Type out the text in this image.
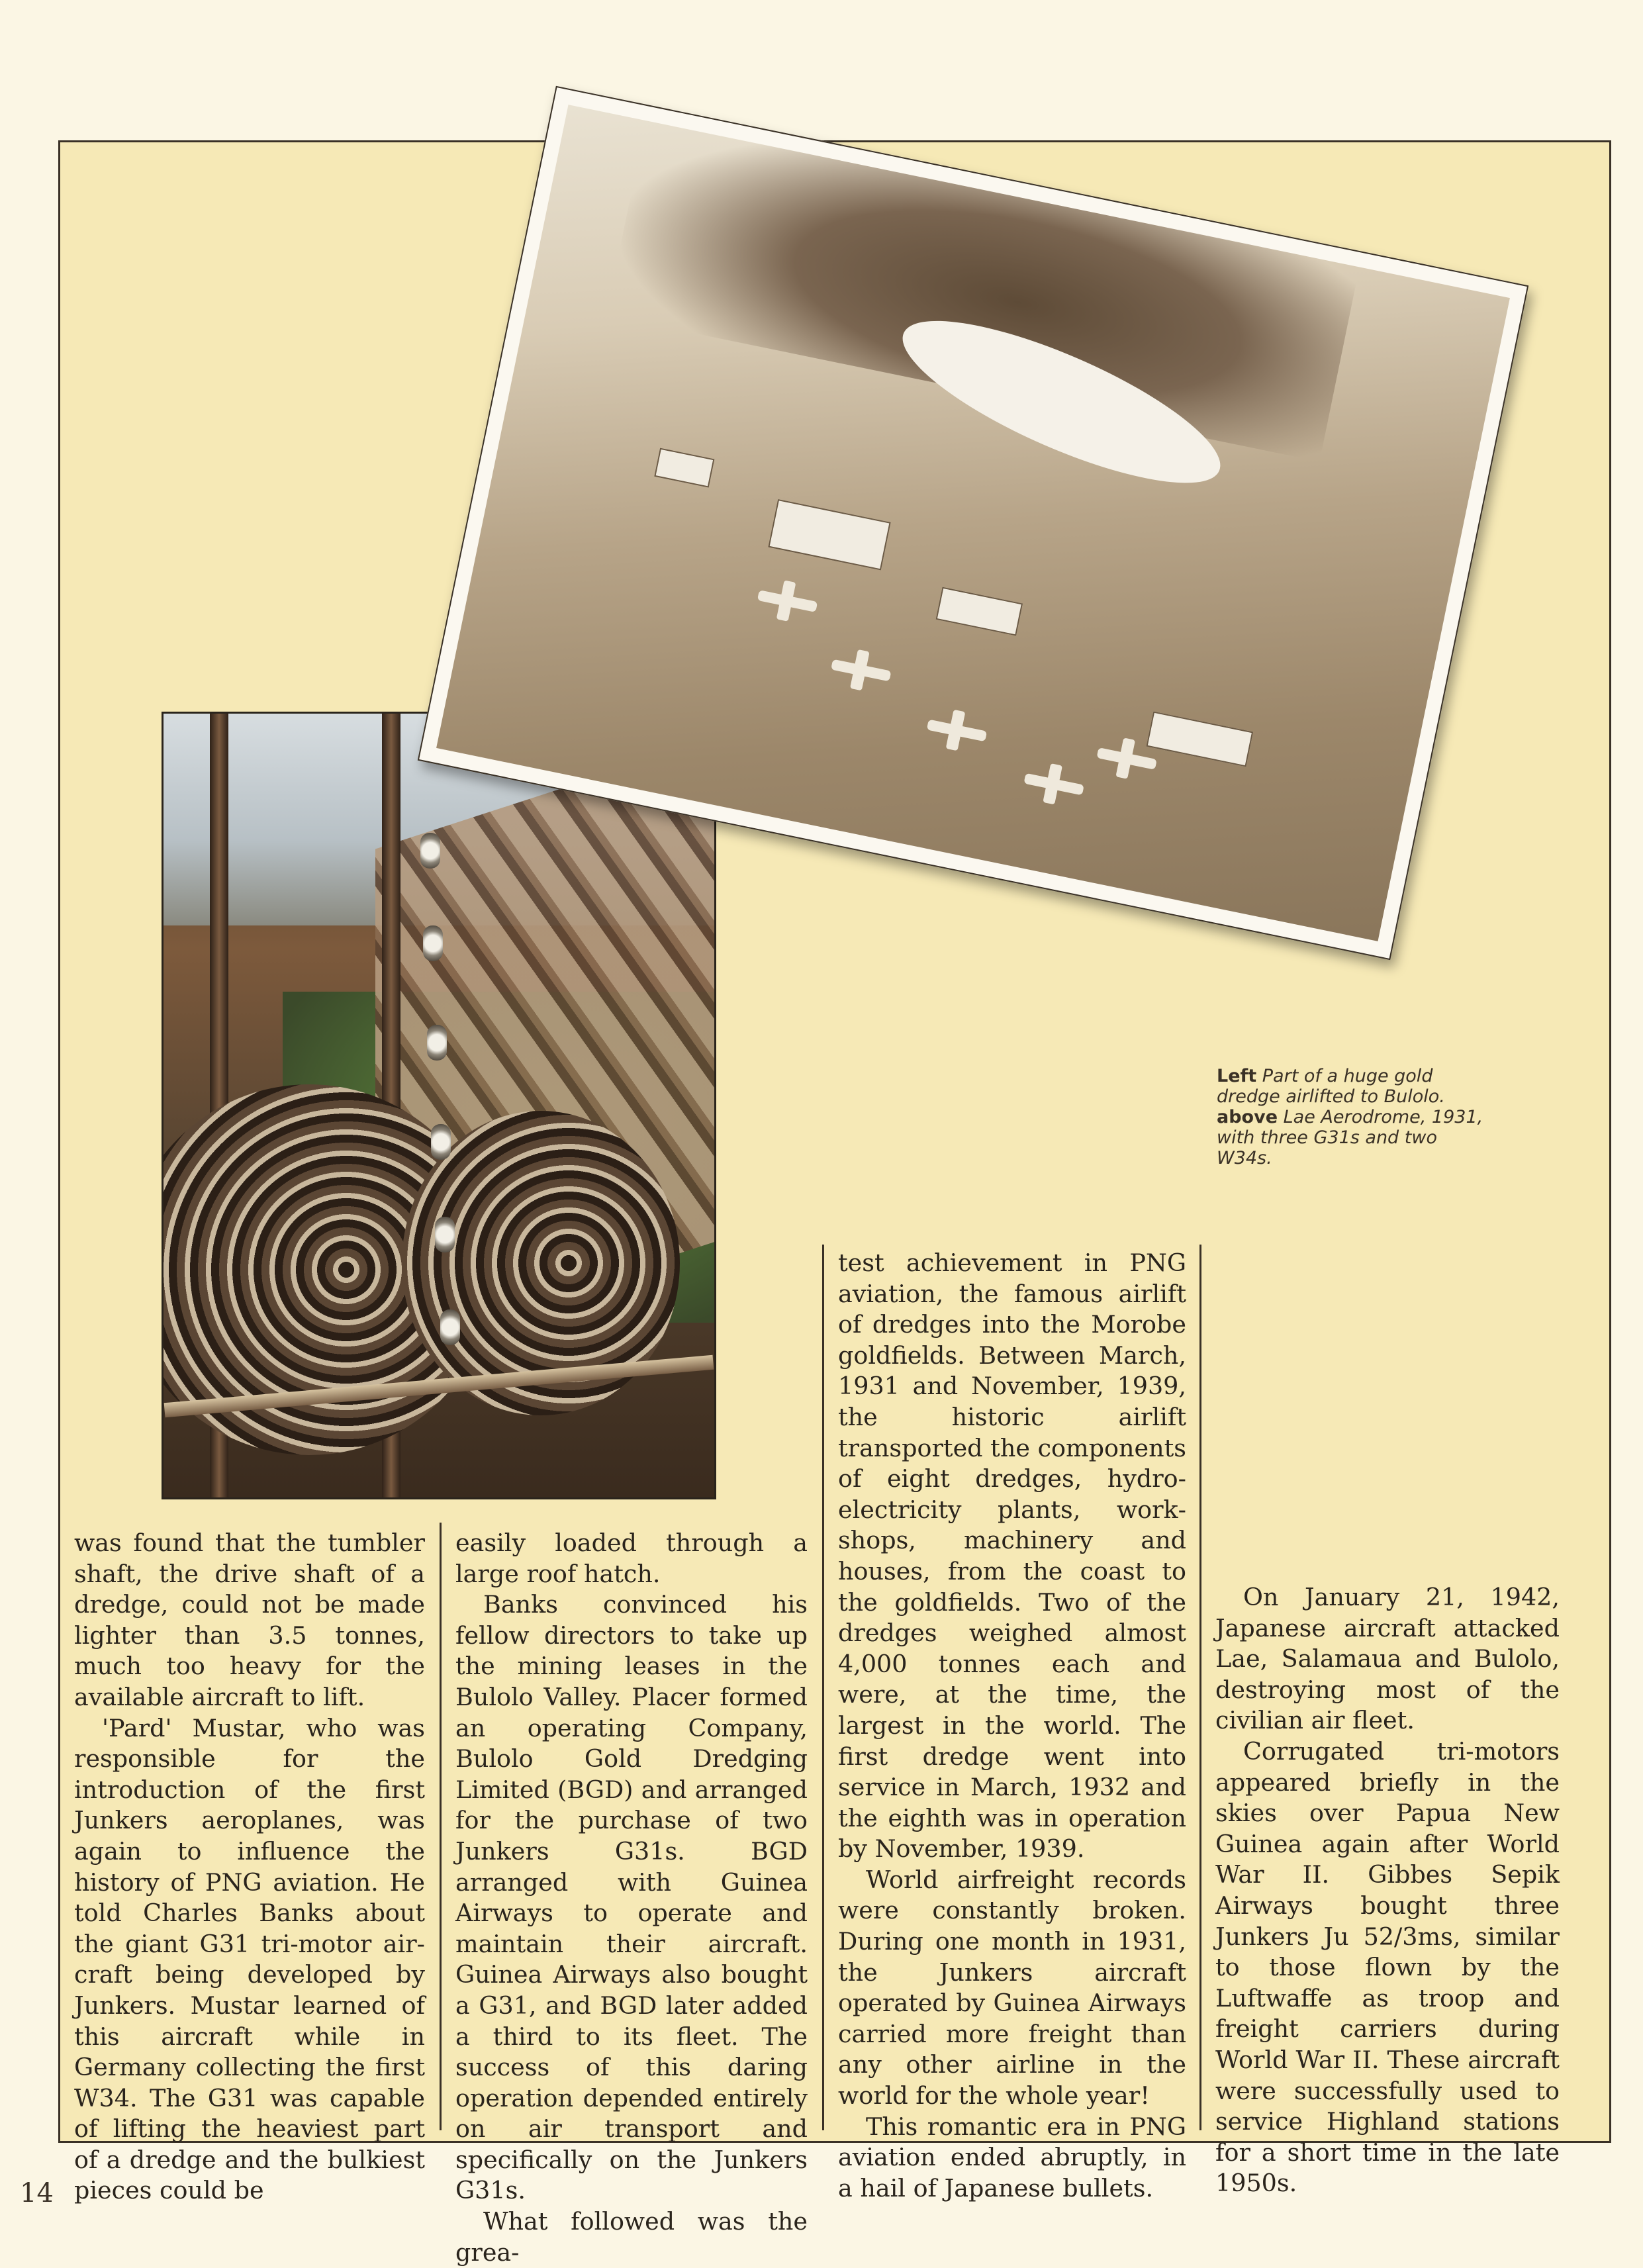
Left Part of a huge gold dredge airlifted to Bulolo.
above Lae Aerodrome, 1931, with three G31s and two W34s.

was found that the tumbler shaft, the drive shaft of a dredge, could not be made lighter than 3.5 tonnes, much too heavy for the available aircraft to lift.

'Pard' Mustar, who was responsible for the introduction of the first Junkers aeroplanes, was again to influence the history of PNG aviation. He told Charles Banks about the giant G31 tri-motor aircraft being developed by Junkers. Mustar learned of this aircraft while in Germany collecting the first W34. The G31 was capable of lifting the heaviest part of a dredge and the bulkiest pieces could be

easily loaded through a large roof hatch.

Banks convinced his fellow directors to take up the mining leases in the Bulolo Valley. Placer formed an operating Company, Bulolo Gold Dredging Limited (BGD) and arranged for the purchase of two Junkers G31s. BGD arranged with Guinea Airways to operate and maintain their aircraft. Guinea Airways also bought a G31, and BGD later added a third to its fleet. The success of this daring operation depended entirely on air transport and specifically on the Junkers G31s.

What followed was the grea-

test achievement in PNG aviation, the famous airlift of dredges into the Morobe goldfields. Between March, 1931 and November, 1939, the historic airlift transported the components of eight dredges, hydro-electricity plants, workshops, machinery and houses, from the coast to the goldfields. Two of the dredges weighed almost 4,000 tonnes each and were, at the time, the largest in the world. The first dredge went into service in March, 1932 and the eighth was in operation by November, 1939.

World airfreight records were constantly broken. During one month in 1931, the Junkers aircraft operated by Guinea Airways carried more freight than any other airline in the world for the whole year!

This romantic era in PNG aviation ended abruptly, in a hail of Japanese bullets.

On January 21, 1942, Japanese aircraft attacked Lae, Salamaua and Bulolo, destroying most of the civilian air fleet.

Corrugated tri-motors appeared briefly in the skies over Papua New Guinea again after World War II. Gibbes Sepik Airways bought three Junkers Ju 52/3ms, similar to those flown by the Luftwaffe as troop and freight carriers during World War II. These aircraft were successfully used to service Highland stations for a short time in the late 1950s.

14
